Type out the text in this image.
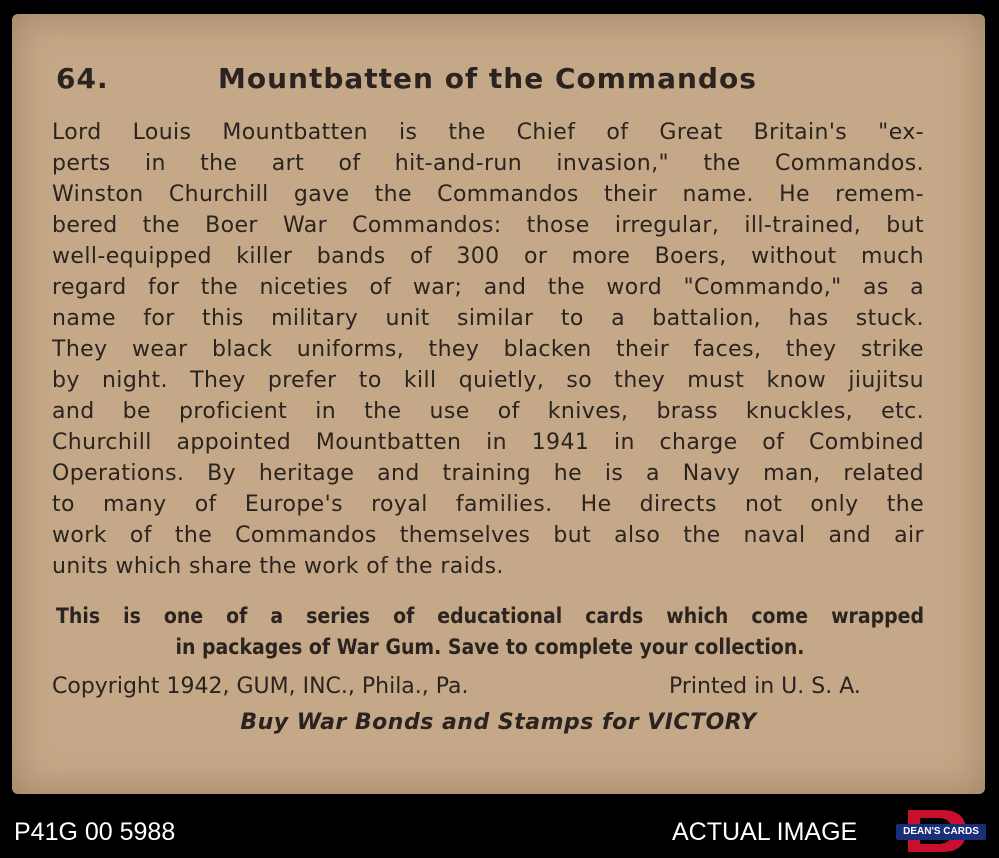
64.	Mountbatten of the Commandos
Lord Louis Mountbatten is the Chief of Great Britain's "ex-
perts in the art of hit-and-run invasion," the Commandos.
Winston Churchill gave the Commandos their name. He remem-
bered the Boer War Commandos: those irregular, ill-trained, but
well-equipped killer bands of 300 or more Boers, without much
regard for the niceties of war; and the word "Commando," as a
name for this military unit similar to a battalion, has stuck.
They wear black uniforms, they blacken their faces, they strike
by night. They prefer to kill quietly, so they must know jiujitsu
and be proficient in the use of knives, brass knuckles, etc.
Churchill appointed Mountbatten in 1941 in charge of Combined
Operations. By heritage and training he is a Navy man, related
to many of Europe's royal families. He directs not only the
work of the Commandos themselves but also the naval and air
units which share the work of the raids.
This is one of a series of educational cards which come wrapped
in packages of War Gum. Save to complete your collection.
Copyright 1942, GUM, INC., Phila., Pa.	Printed in U. S. A.
Buy War Bonds and Stamps for VICTORY
P41G 00 5988	ACTUAL IMAGE	DEAN'S CARDS
